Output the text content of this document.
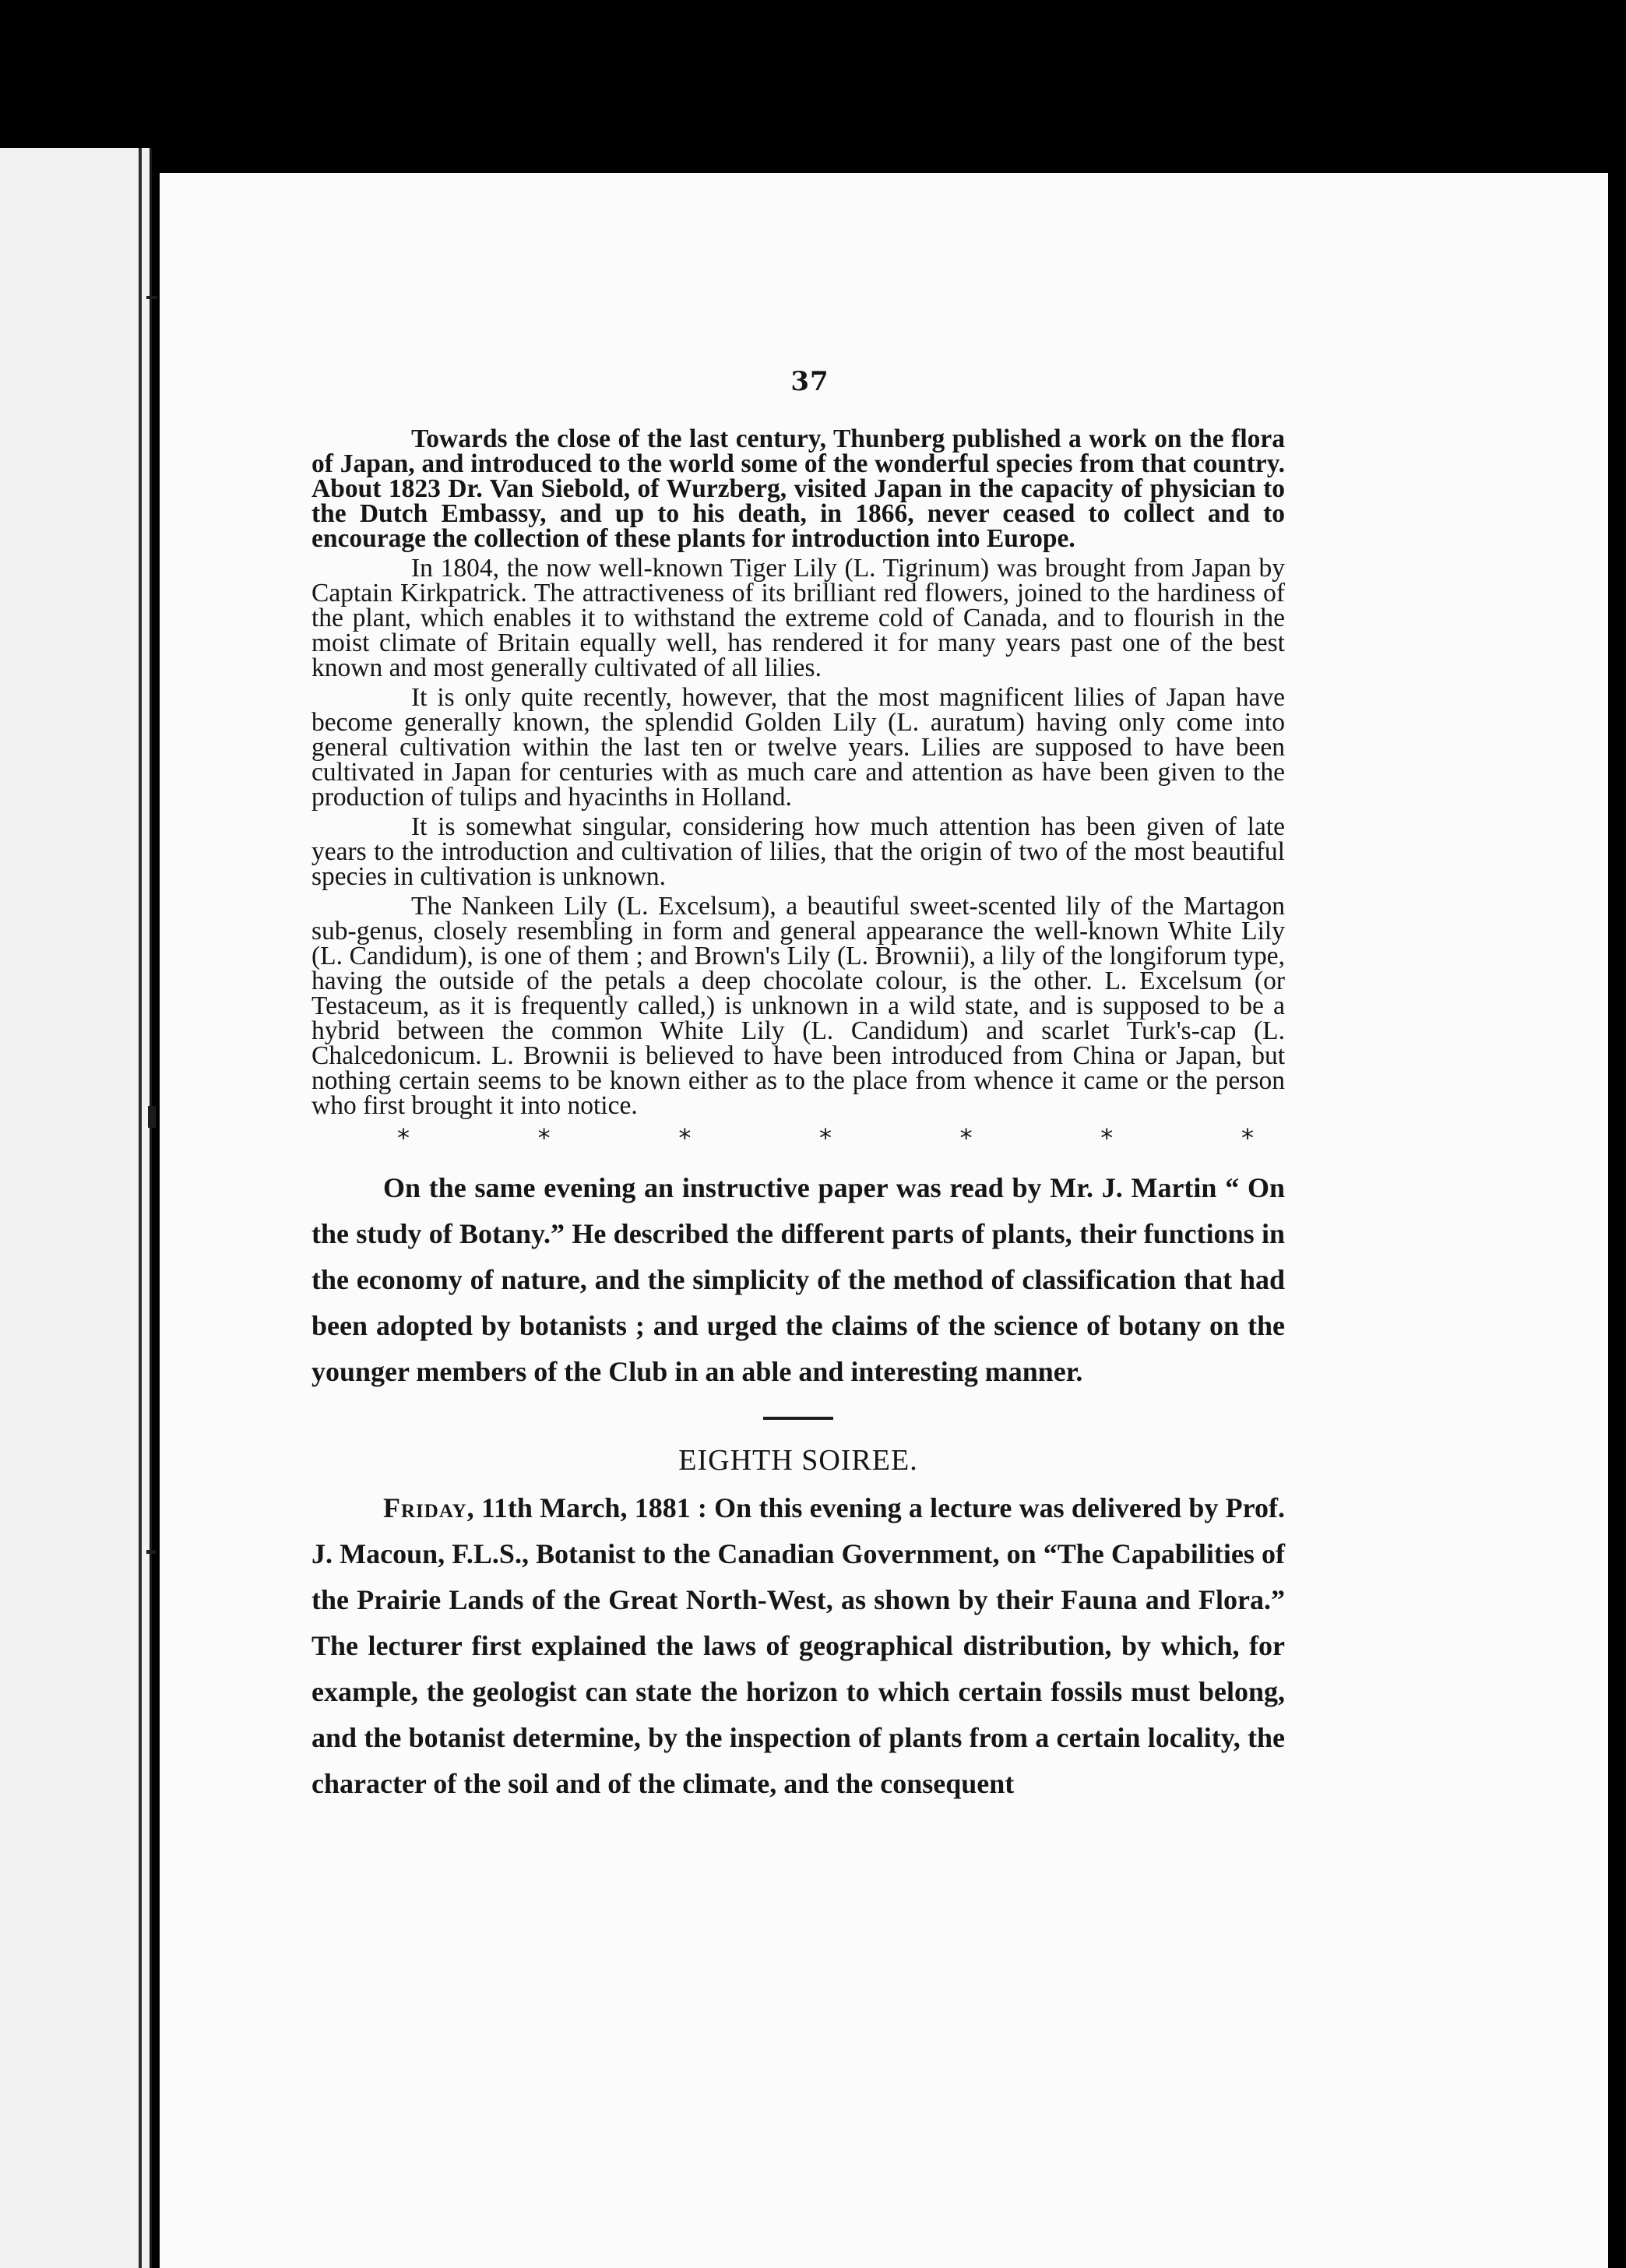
37

Towards the close of the last century, Thunberg published a work on the flora of Japan, and introduced to the world some of the wonderful species from that country. About 1823 Dr. Van Siebold, of Wurzberg, visited Japan in the capacity of physician to the Dutch Embassy, and up to his death, in 1866, never ceased to collect and to encourage the collection of these plants for introduction into Europe.

In 1804, the now well-known Tiger Lily (L. Tigrinum) was brought from Japan by Captain Kirkpatrick. The attractiveness of its brilliant red flowers, joined to the hardiness of the plant, which enables it to withstand the extreme cold of Canada, and to flourish in the moist climate of Britain equally well, has rendered it for many years past one of the best known and most generally cultivated of all lilies.

It is only quite recently, however, that the most magnificent lilies of Japan have become generally known, the splendid Golden Lily (L. auratum) having only come into general cultivation within the last ten or twelve years. Lilies are supposed to have been cultivated in Japan for centuries with as much care and attention as have been given to the production of tulips and hyacinths in Holland.

It is somewhat singular, considering how much attention has been given of late years to the introduction and cultivation of lilies, that the origin of two of the most beautiful species in cultivation is unknown.

The Nankeen Lily (L. Excelsum), a beautiful sweet-scented lily of the Martagon sub-genus, closely resembling in form and general appearance the well-known White Lily (L. Candidum), is one of them ; and Brown's Lily (L. Brownii), a lily of the longiforum type, having the outside of the petals a deep chocolate colour, is the other. L. Excelsum (or Testaceum, as it is frequently called,) is unknown in a wild state, and is supposed to be a hybrid between the common White Lily (L. Candidum) and scarlet Turk's-cap (L. Chalcedonicum. L. Brownii is believed to have been introduced from China or Japan, but nothing certain seems to be known either as to the place from whence it came or the person who first brought it into notice.

*	*	*	*	*	*	*

On the same evening an instructive paper was read by Mr. J. Martin “ On the study of Botany.” He described the different parts of plants, their functions in the economy of nature, and the simplicity of the method of classification that had been adopted by botanists ; and urged the claims of the science of botany on the younger members of the Club in an able and interesting manner.

EIGHTH SOIREE.

Friday, 11th March, 1881 : On this evening a lecture was delivered by Prof. J. Macoun, F.L.S., Botanist to the Canadian Government, on “The Capabilities of the Prairie Lands of the Great North-West, as shown by their Fauna and Flora.” The lecturer first explained the laws of geographical distribution, by which, for example, the geologist can state the horizon to which certain fossils must belong, and the botanist determine, by the inspection of plants from a certain locality, the character of the soil and of the climate, and the consequent
